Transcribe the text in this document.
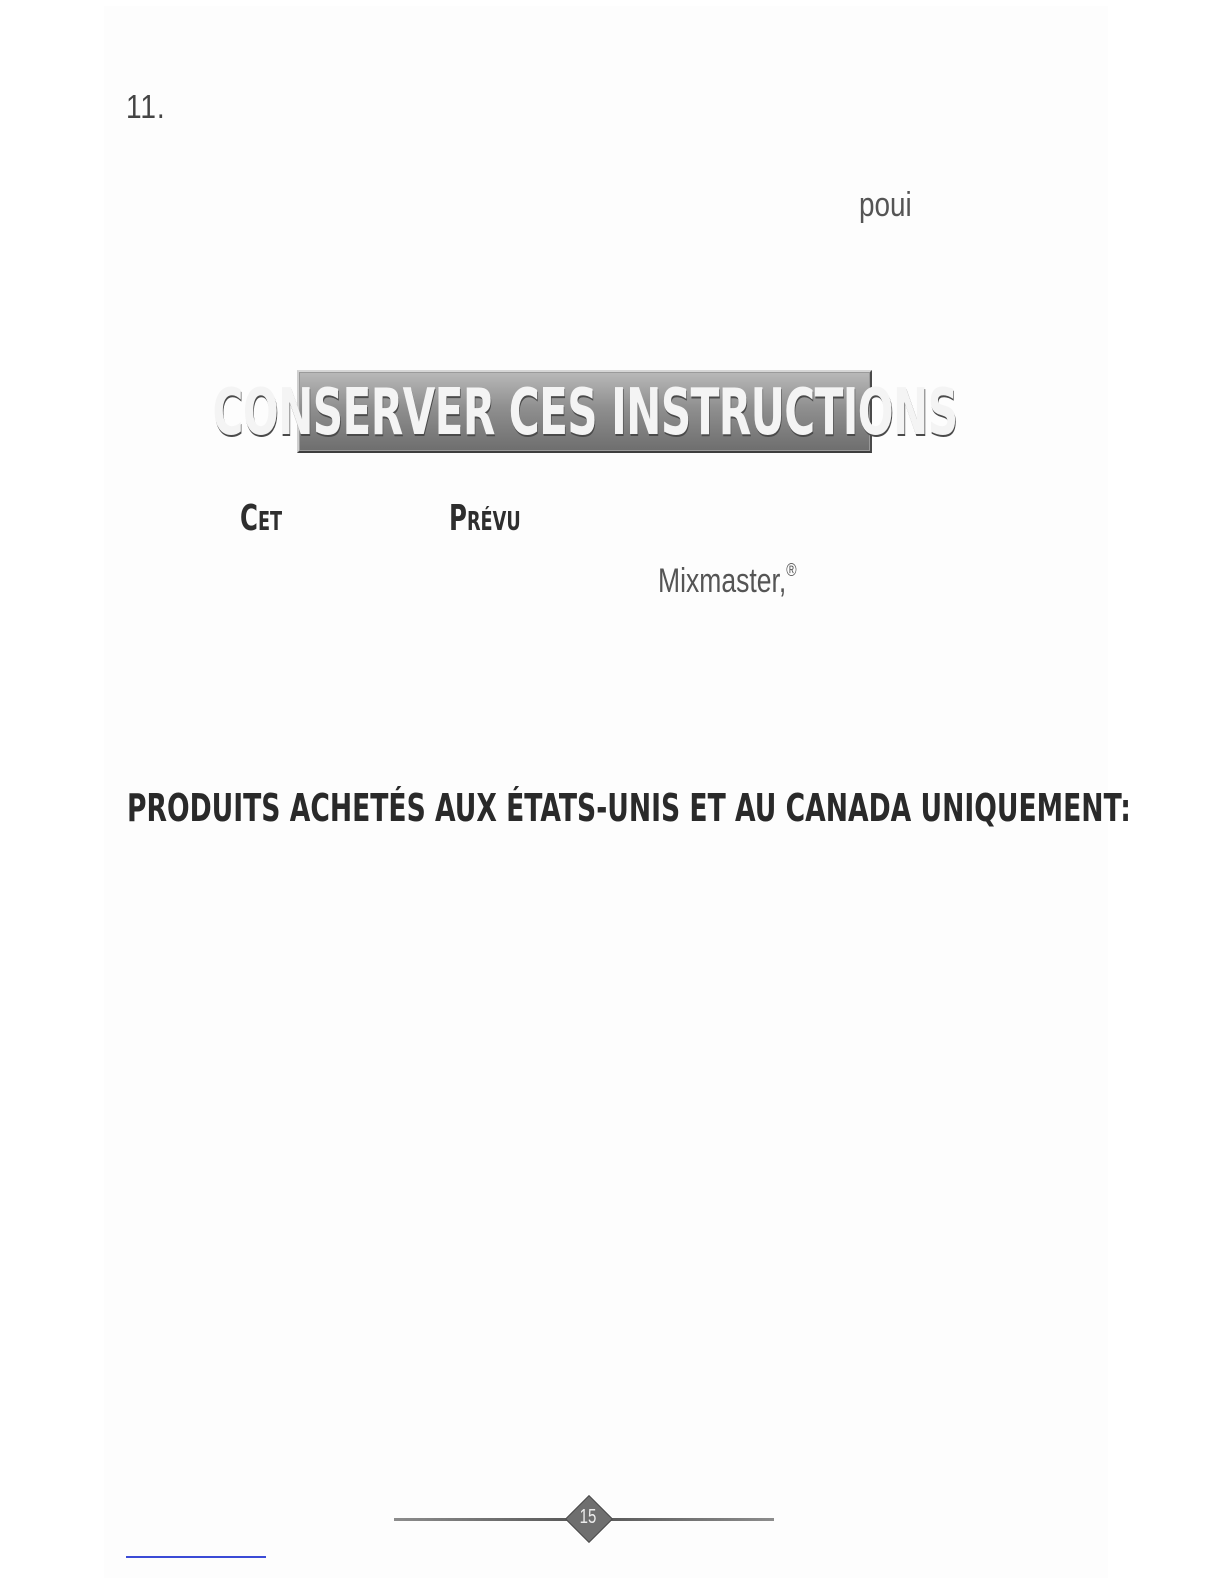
11.
poui
CONSERVER CES INSTRUCTIONS
CET	PRÉVU
Mixmaster,®
PRODUITS ACHETÉS AUX ÉTATS-UNIS ET AU CANADA UNIQUEMENT:
15
